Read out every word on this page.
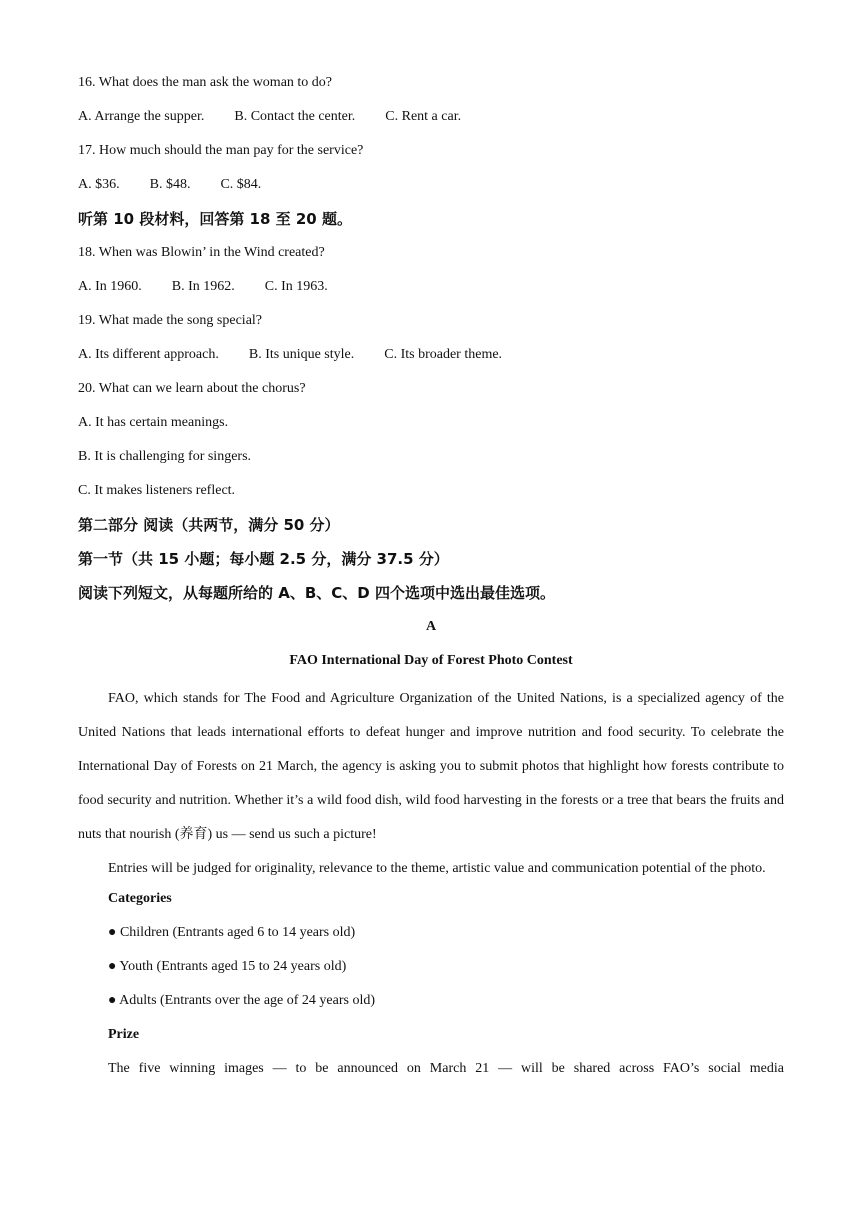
16. What does the man ask the woman to do?
A. Arrange the supper. B. Contact the center. C. Rent a car.
17. How much should the man pay for the service?
A. $36. B. $48. C. $84.
听第 10 段材料，回答第 18 至 20 题。
18. When was Blowin’ in the Wind created?
A. In 1960. B. In 1962. C. In 1963.
19. What made the song special?
A. Its different approach. B. Its unique style. C. Its broader theme.
20. What can we learn about the chorus?
A. It has certain meanings.
B. It is challenging for singers.
C. It makes listeners reflect.
第二部分 阅读（共两节，满分 50 分）
第一节（共 15 小题；每小题 2.5 分，满分 37.5 分）
阅读下列短文，从每题所给的 A、B、C、D 四个选项中选出最佳选项。
A
FAO International Day of Forest Photo Contest

FAO, which stands for The Food and Agriculture Organization of the United Nations, is a specialized agency of the United Nations that leads international efforts to defeat hunger and improve nutrition and food security. To celebrate the International Day of Forests on 21 March, the agency is asking you to submit photos that highlight how forests contribute to food security and nutrition. Whether it’s a wild food dish, wild food harvesting in the forests or a tree that bears the fruits and nuts that nourish (养育) us — send us such a picture!

Entries will be judged for originality, relevance to the theme, artistic value and communication potential of the photo.

Categories
● Children (Entrants aged 6 to 14 years old)
● Youth (Entrants aged 15 to 24 years old)
● Adults (Entrants over the age of 24 years old)
Prize
The five winning images — to be announced on March 21 — will be shared across FAO’s social media
